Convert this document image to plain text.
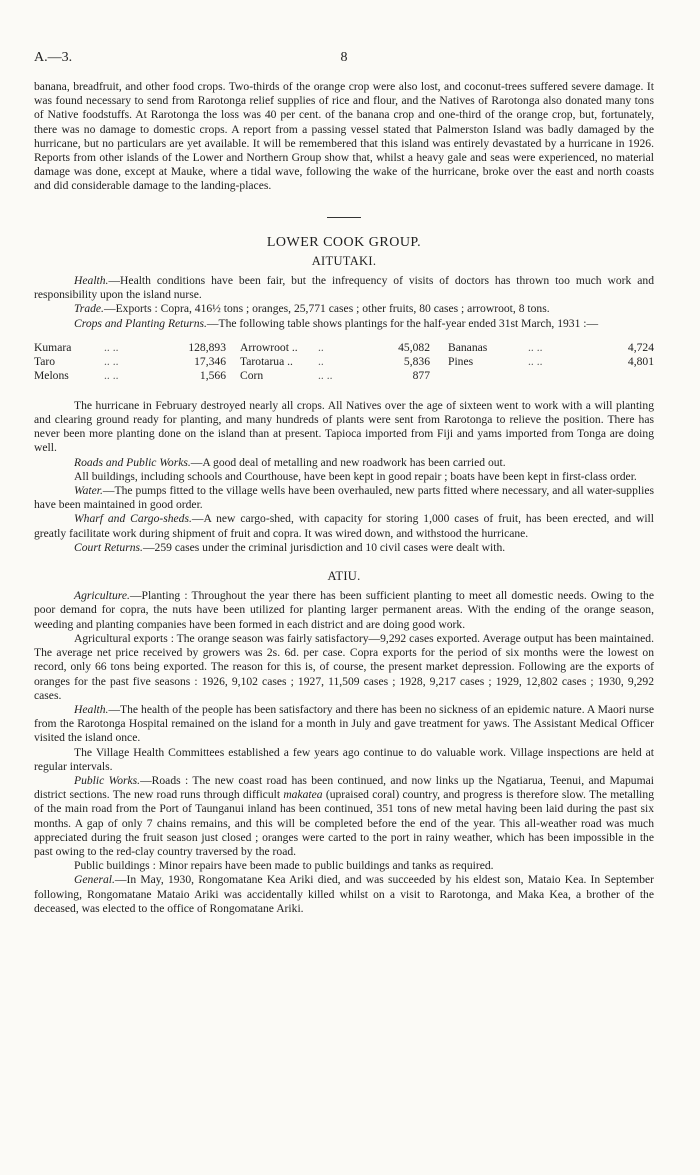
A.—3.	8

banana, breadfruit, and other food crops. Two-thirds of the orange crop were also lost, and coconut-trees suffered severe damage. It was found necessary to send from Rarotonga relief supplies of rice and flour, and the Natives of Rarotonga also donated many tons of Native foodstuffs. At Rarotonga the loss was 40 per cent. of the banana crop and one-third of the orange crop, but, fortunately, there was no damage to domestic crops. A report from a passing vessel stated that Palmerston Island was badly damaged by the hurricane, but no particulars are yet available. It will be remembered that this island was entirely devastated by a hurricane in 1926. Reports from other islands of the Lower and Northern Group show that, whilst a heavy gale and seas were experienced, no material damage was done, except at Mauke, where a tidal wave, following the wake of the hurricane, broke over the east and north coasts and did considerable damage to the landing-places.

LOWER COOK GROUP.
AITUTAKI.

Health.—Health conditions have been fair, but the infrequency of visits of doctors has thrown too much work and responsibility upon the island nurse.

Trade.—Exports : Copra, 416½ tons ; oranges, 25,771 cases ; other fruits, 80 cases ; arrowroot, 8 tons.

Crops and Planting Returns.—The following table shows plantings for the half-year ended 31st March, 1931 :—

Kumara	.. ..	128,893	Arrowroot ..	..	45,082	Bananas	.. ..	4,724
Taro	.. ..	17,346	Tarotarua ..	..	5,836	Pines	.. ..	4,801
Melons	.. ..	1,566	Corn	.. ..	877			

The hurricane in February destroyed nearly all crops. All Natives over the age of sixteen went to work with a will planting and clearing ground ready for planting, and many hundreds of plants were sent from Rarotonga to relieve the position. There has never been more planting done on the island than at present. Tapioca imported from Fiji and yams imported from Tonga are doing well.

Roads and Public Works.—A good deal of metalling and new roadwork has been carried out.

All buildings, including schools and Courthouse, have been kept in good repair ; boats have been kept in first-class order.

Water.—The pumps fitted to the village wells have been overhauled, new parts fitted where necessary, and all water-supplies have been maintained in good order.

Wharf and Cargo-sheds.—A new cargo-shed, with capacity for storing 1,000 cases of fruit, has been erected, and will greatly facilitate work during shipment of fruit and copra. It was wired down, and withstood the hurricane.

Court Returns.—259 cases under the criminal jurisdiction and 10 civil cases were dealt with.

ATIU.

Agriculture.—Planting : Throughout the year there has been sufficient planting to meet all domestic needs. Owing to the poor demand for copra, the nuts have been utilized for planting larger permanent areas. With the ending of the orange season, weeding and planting companies have been formed in each district and are doing good work.

Agricultural exports : The orange season was fairly satisfactory—9,292 cases exported. Average output has been maintained. The average net price received by growers was 2s. 6d. per case. Copra exports for the period of six months were the lowest on record, only 66 tons being exported. The reason for this is, of course, the present market depression. Following are the exports of oranges for the past five seasons : 1926, 9,102 cases ; 1927, 11,509 cases ; 1928, 9,217 cases ; 1929, 12,802 cases ; 1930, 9,292 cases.

Health.—The health of the people has been satisfactory and there has been no sickness of an epidemic nature. A Maori nurse from the Rarotonga Hospital remained on the island for a month in July and gave treatment for yaws. The Assistant Medical Officer visited the island once.

The Village Health Committees established a few years ago continue to do valuable work. Village inspections are held at regular intervals.

Public Works.—Roads : The new coast road has been continued, and now links up the Ngatiarua, Teenui, and Mapumai district sections. The new road runs through difficult makatea (upraised coral) country, and progress is therefore slow. The metalling of the main road from the Port of Taunganui inland has been continued, 351 tons of new metal having been laid during the past six months. A gap of only 7 chains remains, and this will be completed before the end of the year. This all-weather road was much appreciated during the fruit season just closed ; oranges were carted to the port in rainy weather, which has been impossible in the past owing to the red-clay country traversed by the road.

Public buildings : Minor repairs have been made to public buildings and tanks as required.

General.—In May, 1930, Rongomatane Kea Ariki died, and was succeeded by his eldest son, Mataio Kea. In September following, Rongomatane Mataio Ariki was accidentally killed whilst on a visit to Rarotonga, and Maka Kea, a brother of the deceased, was elected to the office of Rongomatane Ariki.
